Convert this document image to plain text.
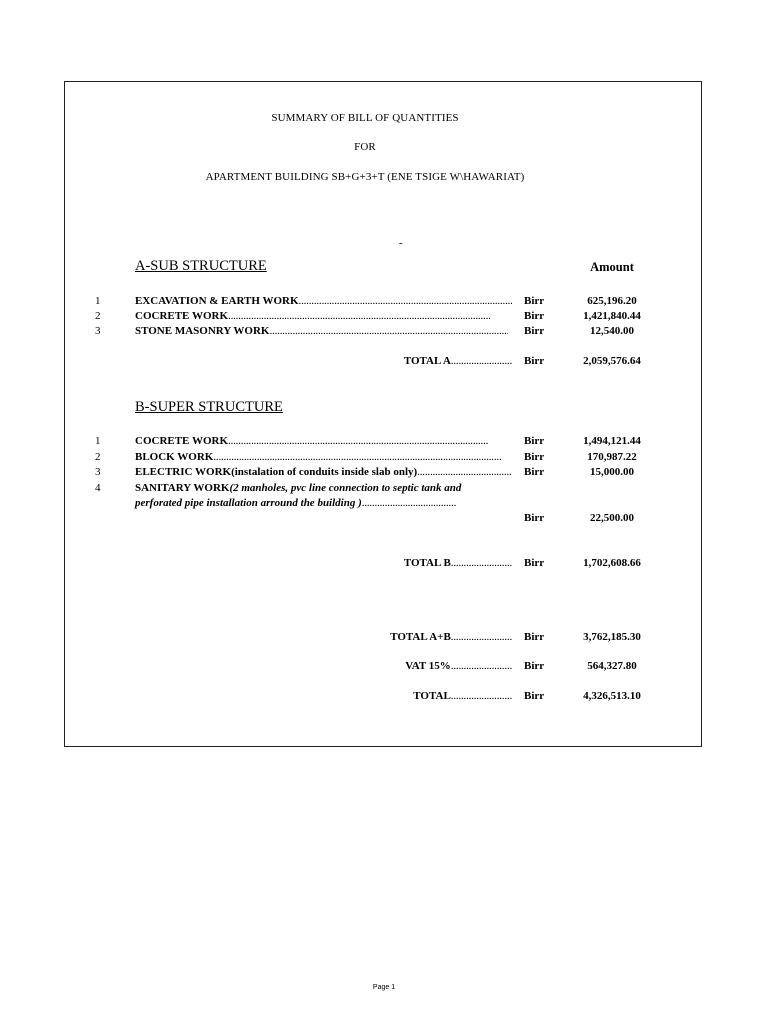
SUMMARY OF BILL OF QUANTITIES
FOR
APARTMENT BUILDING SB+G+3+T (ENE TSIGE W\HAWARIAT)
-
A-SUB STRUCTURE	Amount
1	EXCAVATION & EARTH WORK .....	Birr	625,196.20
2	COCRETE WORK .....	Birr	1,421,840.44
3	STONE MASONRY WORK .....	Birr	12,540.00
TOTAL A ........................ Birr	2,059,576.64
B-SUPER STRUCTURE
1	COCRETE WORK .....	Birr	1,494,121.44
2	BLOCK WORK .....	Birr	170,987.22
3	ELECTRIC WORK(instalation of conduits inside slab only) .....	Birr	15,000.00
4	SANITARY WORK(2 manholes, pvc line connection to septic tank and
perforated pipe installation arround the building ).....................................
Birr	22,500.00
TOTAL B ........................ Birr	1,702,608.66
TOTAL A+B ........................ Birr	3,762,185.30
VAT 15% ........................ Birr	564,327.80
TOTAL ........................ Birr	4,326,513.10
Page 1
